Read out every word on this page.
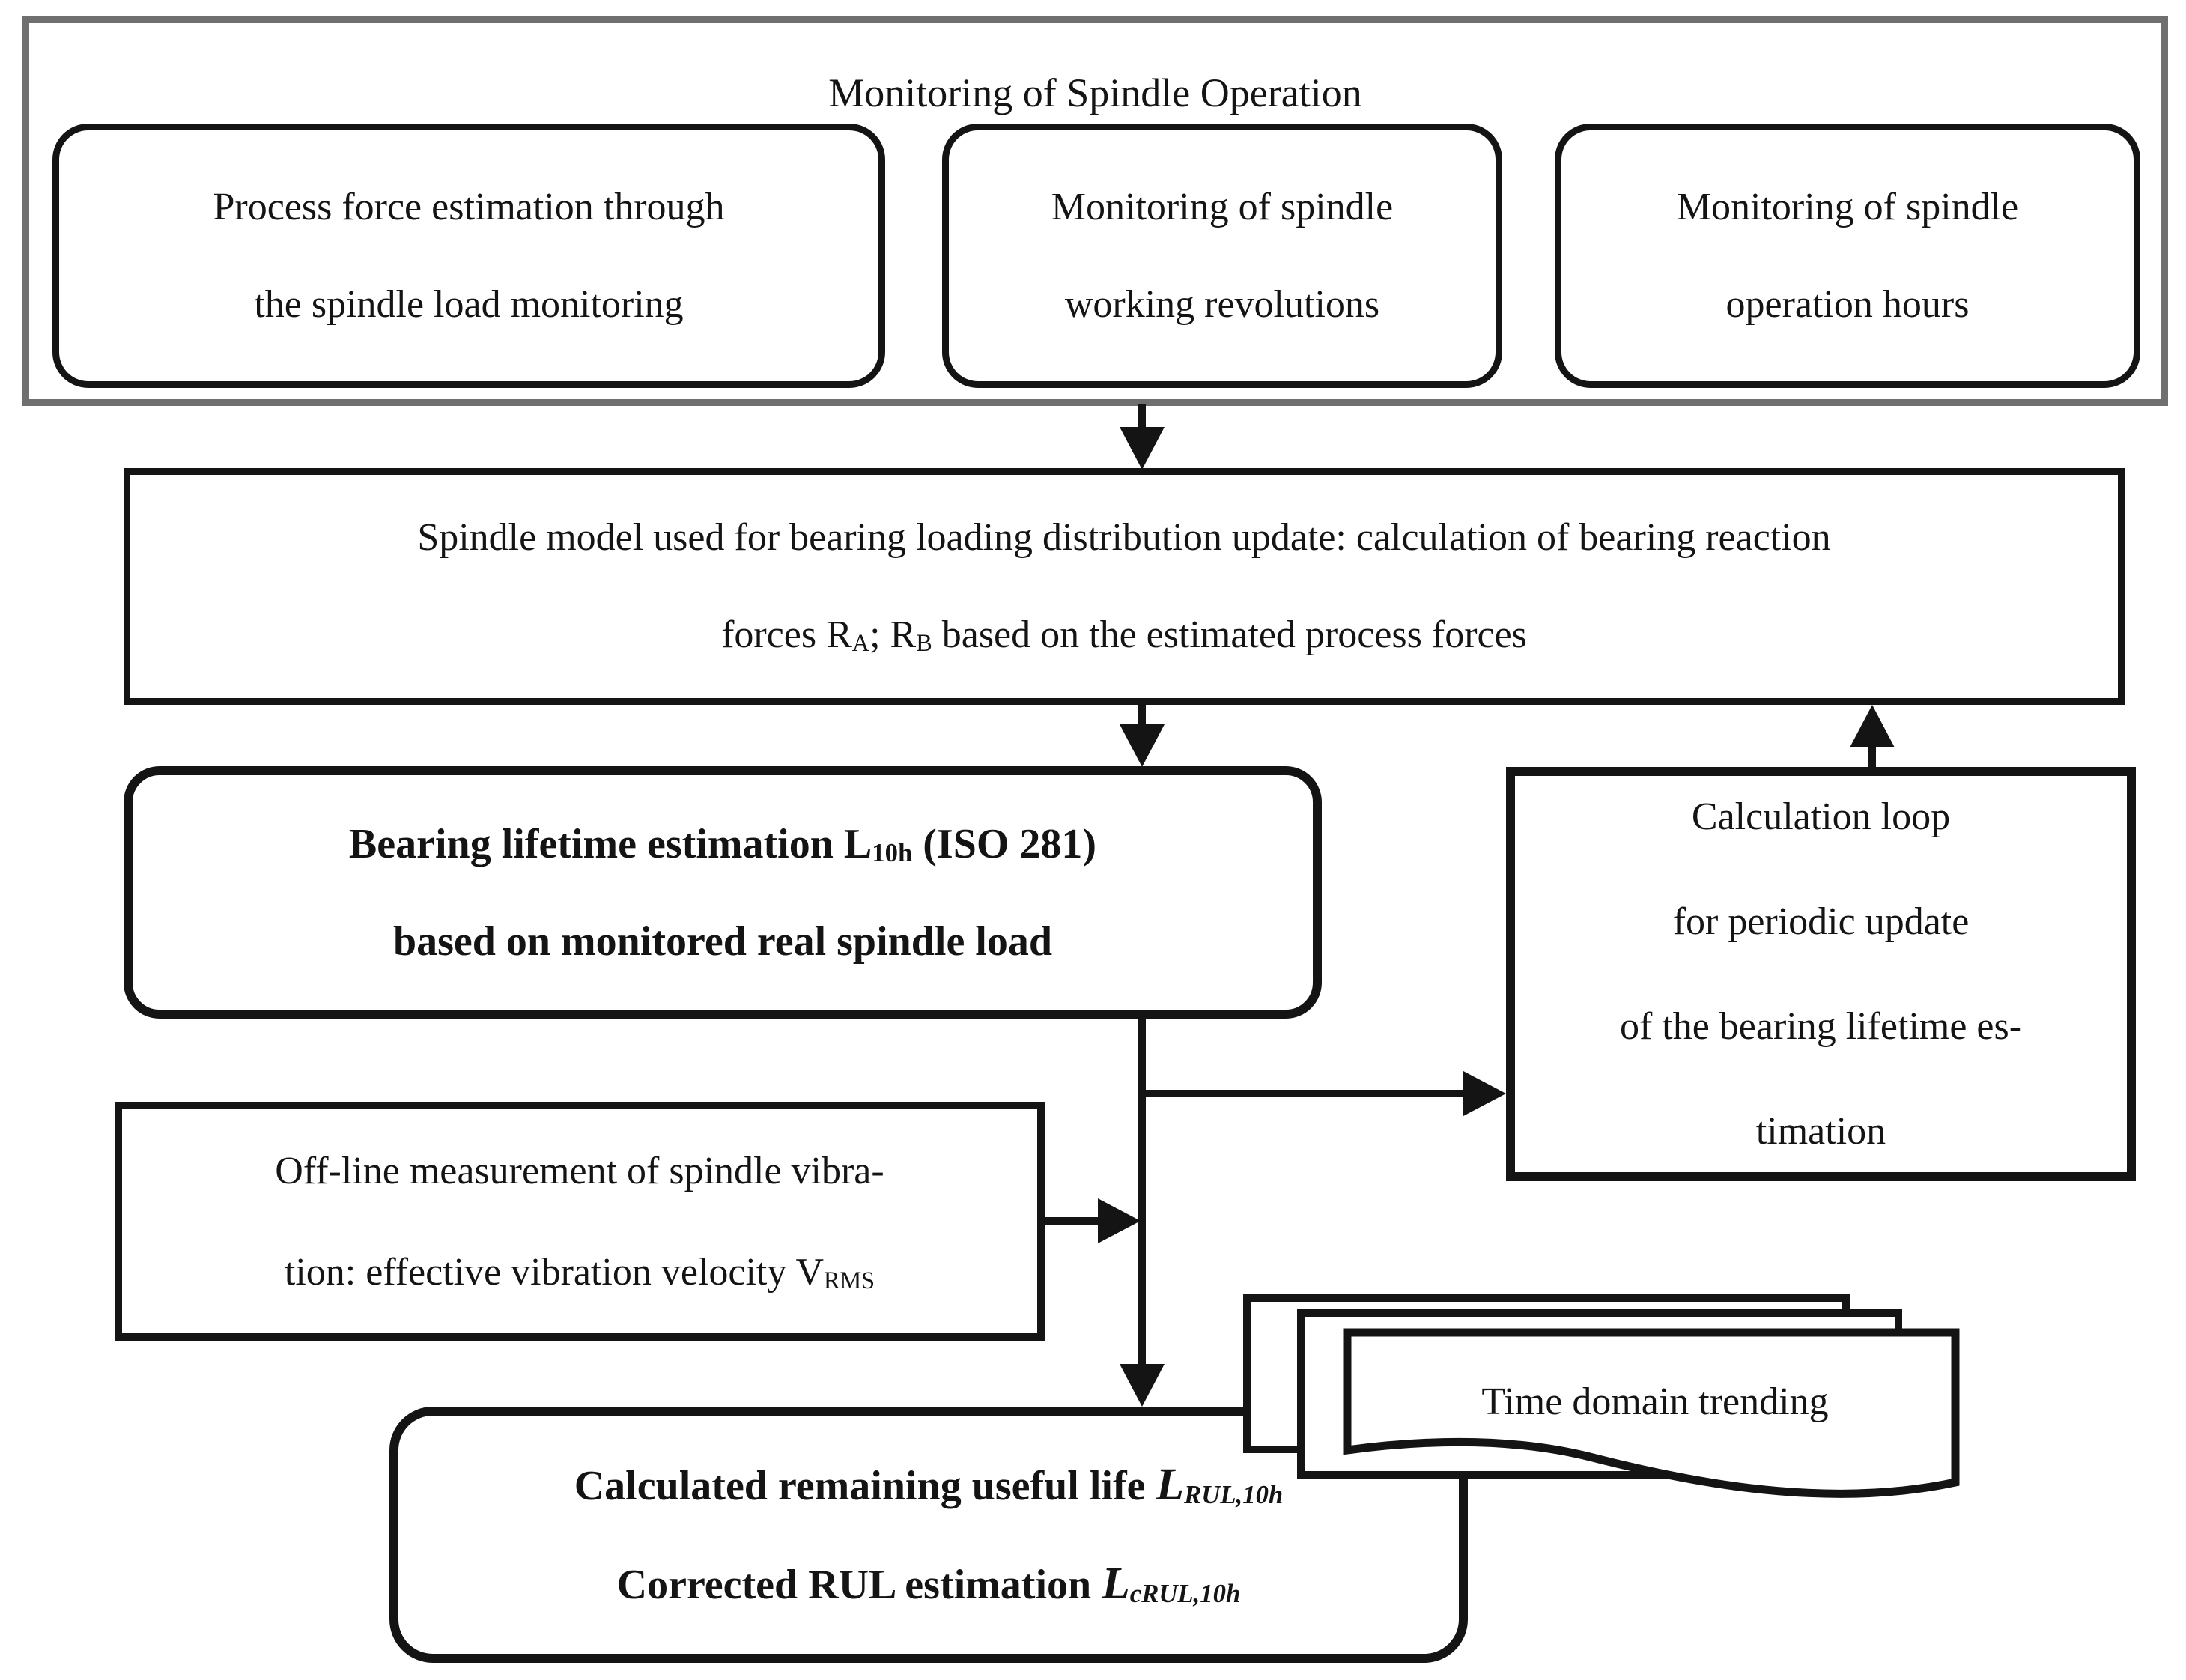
Monitoring of Spindle Operation
Process force estimation through
the spindle load monitoring
Monitoring of spindle
working revolutions
Monitoring of spindle
operation hours
Spindle model used for bearing loading distribution update: calculation of bearing reaction
forces $R_A$; $R_B$ based on the estimated process forces
Bearing lifetime estimation $L_{10h}$ (ISO 281)
based on monitored real spindle load
Calculation loop
for periodic update
of the bearing lifetime es-
timation
Off-line measurement of spindle vibra-
tion: effective vibration velocity $V_{RMS}$
Calculated remaining useful life $L_{RUL,10h}$
Corrected RUL estimation $L_{cRUL,10h}$
Time domain trending
